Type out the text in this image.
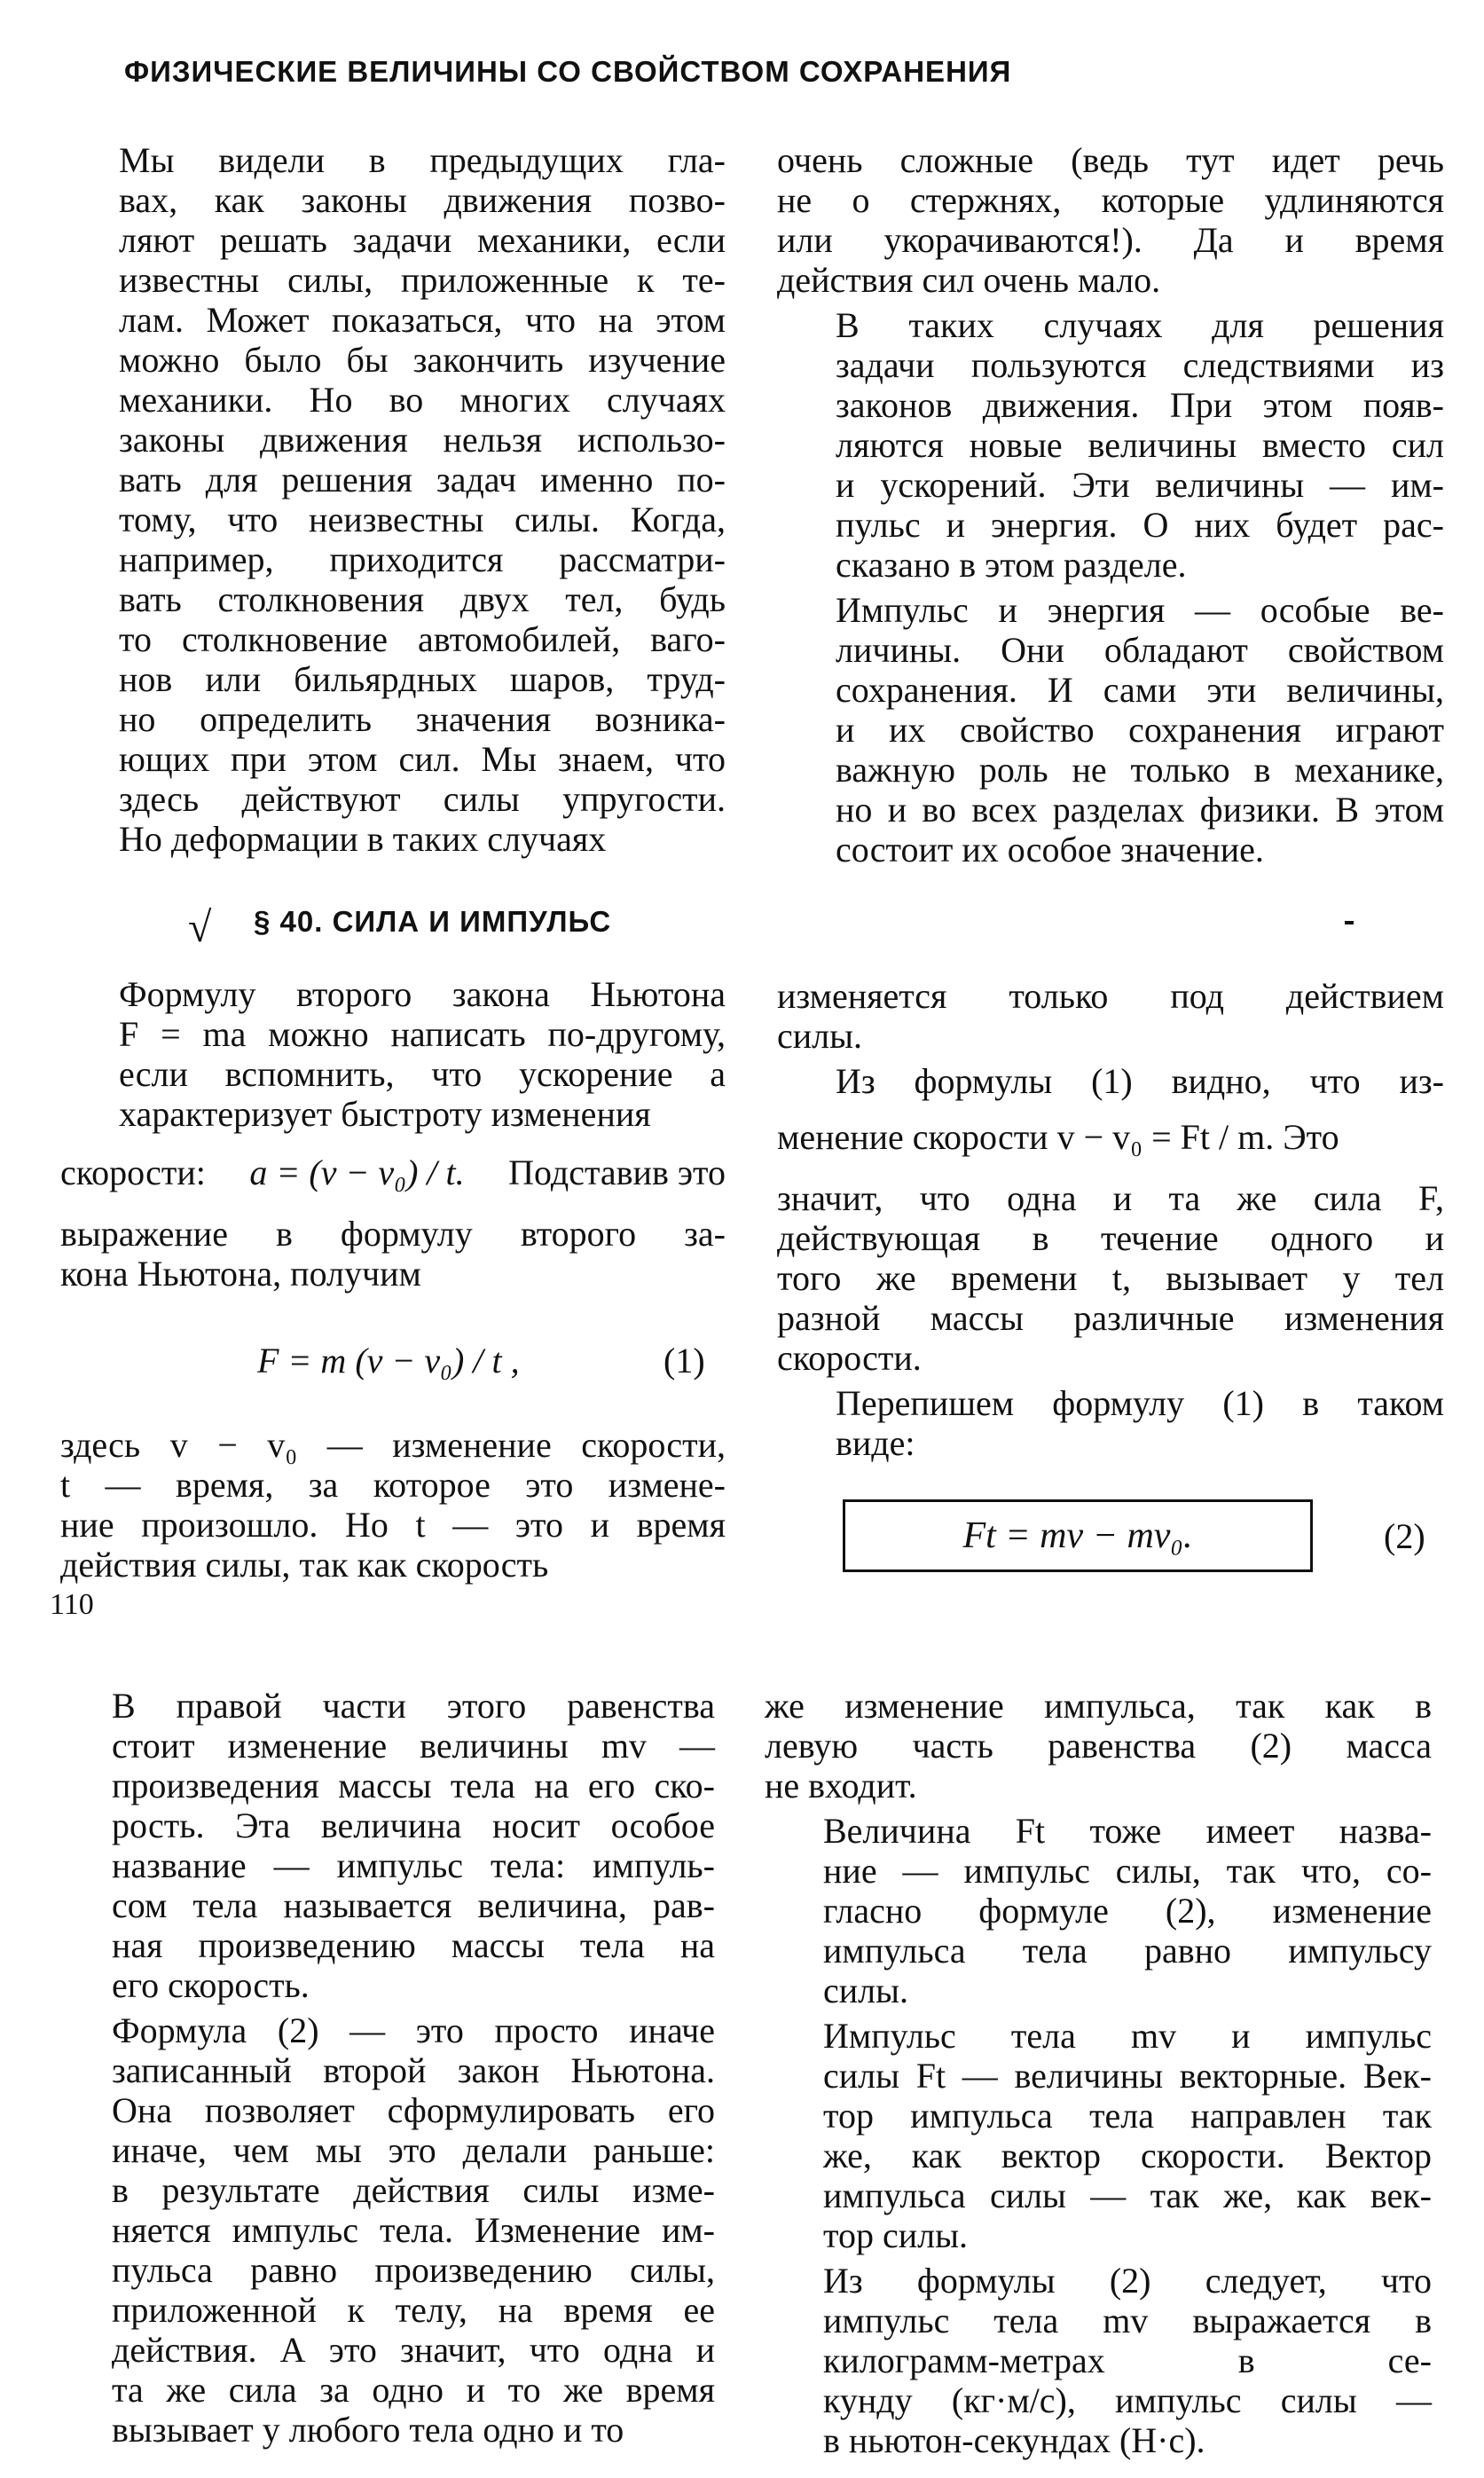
ФИЗИЧЕСКИЕ ВЕЛИЧИНЫ СО СВОЙСТВОМ СОХРАНЕНИЯ

Мы видели в предыдущих гла-
вах, как законы движения позво-
ляют решать задачи механики, если
известны силы, приложенные к те-
лам. Может показаться, что на этом
можно было бы закончить изучение
механики. Но во многих случаях
законы движения нельзя использо-
вать для решения задач именно по-
тому, что неизвестны силы. Когда,
например, приходится рассматри-
вать столкновения двух тел, будь
то столкновение автомобилей, ваго-
нов или бильярдных шаров, труд-
но определить значения возника-
ющих при этом сил. Мы знаем, что
здесь действуют силы упругости.
Но деформации в таких случаях

очень сложные (ведь тут идет речь
не о стержнях, которые удлиняются
или укорачиваются!). Да и время
действия сил очень мало.

В таких случаях для решения
задачи пользуются следствиями из
законов движения. При этом появ-
ляются новые величины вместо сил
и ускорений. Эти величины — им-
пульс и энергия. О них будет рас-
сказано в этом разделе.

Импульс и энергия — особые ве-
личины. Они обладают свойством
сохранения. И сами эти величины,
и их свойство сохранения играют
важную роль не только в механике,
но и во всех разделах физики. В этом
состоит их особое значение.

√ § 40. СИЛА И ИМПУЛЬС

Формулу второго закона Ньютона
F = ma можно написать по-другому,
если вспомнить, что ускорение a
характеризует быстроту изменения

скорости: a = (v − v₀) / t. Подставив это

выражение в формулу второго за-
кона Ньютона, получим

F = m (v − v₀) / t ,	(1)

здесь v − v₀ — изменение скорости,
t — время, за которое это измене-
ние произошло. Но t — это и время
действия силы, так как скорость

изменяется только под действием
силы.

Из формулы (1) видно, что из-

менение скорости v − v₀ = Ft / m. Это

значит, что одна и та же сила F,
действующая в течение одного и
того же времени t, вызывает у тел
разной массы различные изменения
скорости.

Перепишем формулу (1) в таком
виде:

Ft = mv − mv₀.	(2)
110

В правой части этого равенства
стоит изменение величины mv —
произведения массы тела на его ско-
рость. Эта величина носит особое
название — импульс тела: импуль-
сом тела называется величина, рав-
ная произведению массы тела на
его скорость.

Формула (2) — это просто иначе
записанный второй закон Ньютона.
Она позволяет сформулировать его
иначе, чем мы это делали раньше:
в результате действия силы изме-
няется импульс тела. Изменение им-
пульса равно произведению силы,
приложенной к телу, на время ее
действия. А это значит, что одна и
та же сила за одно и то же время
вызывает у любого тела одно и то

же изменение импульса, так как в
левую часть равенства (2) масса
не входит.

Величина Ft тоже имеет назва-
ние — импульс силы, так что, со-
гласно формуле (2), изменение
импульса тела равно импульсу
силы.

Импульс тела mv и импульс
силы Ft — величины векторные. Век-
тор импульса тела направлен так
же, как вектор скорости. Вектор
импульса силы — так же, как век-
тор силы.

Из формулы (2) следует, что
импульс тела mv выражается в
килограмм-метрах в се-
кунду (кг·м/с), импульс силы —
в ньютон-секундах (Н·с).
